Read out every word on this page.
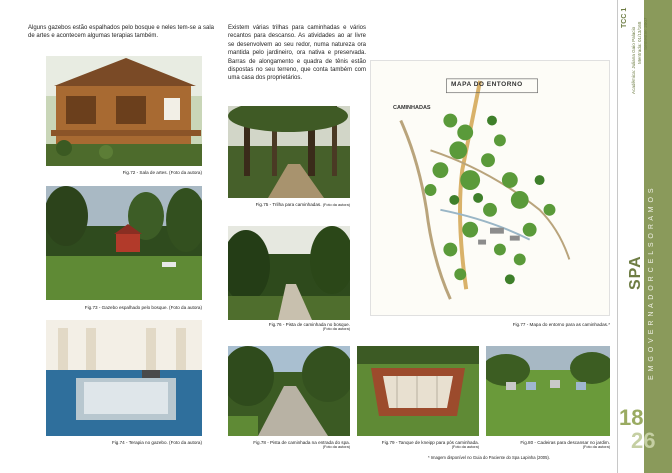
Alguns gazebos estão espalhados pelo bosque e neles tem-se a sala de artes e acontecem algumas terapias também.
Fig.72 - Sala de artes. (Foto da autora)
Fig.73 - Gazebo espalhado pelo bosque. (Foto da autora)
Fig.74 - Terapia no gazebo. (Foto da autora)
Existem várias trilhas para caminhadas e vários recantos para descanso. As atividades ao ar livre se desenvolvem ao seu redor, numa natureza ora mantida pelo jardineiro, ora nativa e preservada. Barras de alongamento e quadra de tênis estão dispostas no seu terreno, que conta também com uma casa dos proprietários.
Fig.75 - Trilha para caminhadas. (Foto da autora)
Fig.76 - Pista de caminhada no bosque.
(Foto da autora)
MAPA DO ENTORNO
CAMINHADAS
Fig.77 - Mapa do entorno para as caminhadas.*
Fig.78 - Pista de caminhada na entrada do spa.
(Foto da autora)
Fig.79 - Tanque de kneipp para pós caminhada.
(Foto da autora)
Fig.80 - Cadeiras para descansar no jardim.
(Foto da autora)
* Imagem disponível no Guia do Paciente do Spa Lapinha (2005).
TCC 1
Acadêmica: Juliana Gaio Palacio Mentrada: 01/13/168 Semestre: 2007
SPA E M G O V E R N A D O R C E L S O R A M O S
18
26
